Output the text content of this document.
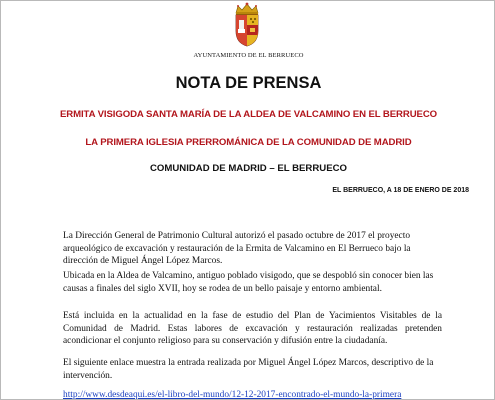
AYUNTAMIENTO DE EL BERRUECO
NOTA DE PRENSA
ERMITA VISIGODA SANTA MARÍA DE LA ALDEA DE VALCAMINO EN EL BERRUECO
LA PRIMERA IGLESIA PRERROMÁNICA DE LA COMUNIDAD DE MADRID
COMUNIDAD DE MADRID – EL BERRUECO
EL BERRUECO, A 18 DE ENERO DE 2018
La Dirección General de Patrimonio Cultural autorizó el pasado octubre de 2017 el proyecto arqueológico de excavación y restauración de la Ermita de Valcamino en El Berrueco bajo la dirección de Miguel Ángel López Marcos.
Ubicada en la Aldea de Valcamino, antiguo poblado visigodo, que se despobló sin conocer bien las causas a finales del siglo XVII, hoy se rodea de un bello paisaje y entorno ambiental.
Está incluida en la actualidad en la fase de estudio del Plan de Yacimientos Visitables de la Comunidad de Madrid. Estas labores de excavación y restauración realizadas pretenden acondicionar el conjunto religioso para su conservación y difusión entre la ciudadanía.
El siguiente enlace muestra la entrada realizada por Miguel Ángel López Marcos, descriptivo de la intervención.
http://www.desdeaqui.es/el-libro-del-mundo/12-12-2017-encontrado-el-mundo-la-primera
